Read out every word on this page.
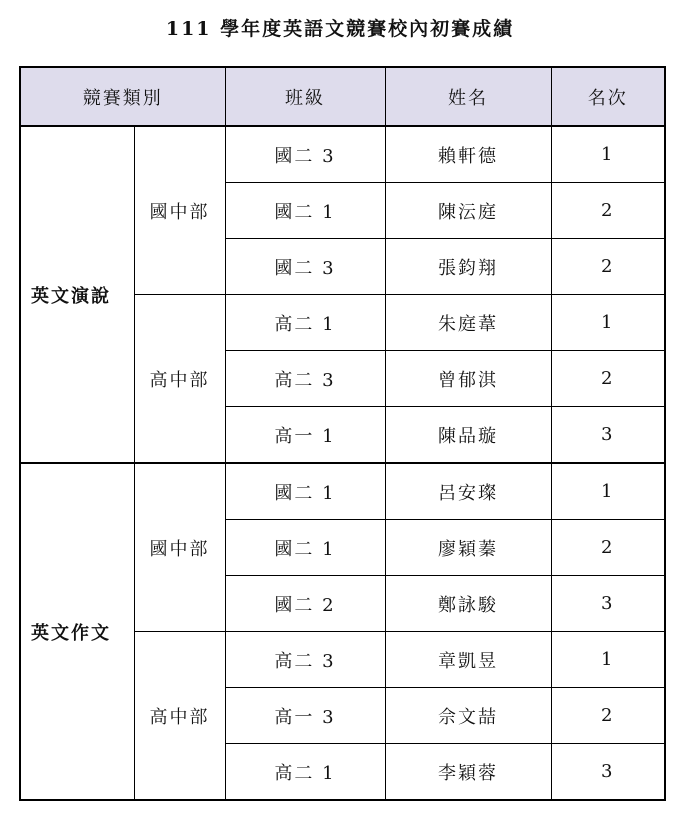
111 學年度英語文競賽校內初賽成績
競賽類別		班級	姓名	名次
英文演說	國中部	國二 3	賴軒德	1
		國二 1	陳沄庭	2
		國二 3	張鈞翔	2
	高中部	高二 1	朱庭葦	1
		高二 3	曾郁淇	2
		高一 1	陳品璇	3
英文作文	國中部	國二 1	呂安璨	1
		國二 1	廖穎蓁	2
		國二 2	鄭詠駿	3
	高中部	高二 3	章凱昱	1
		高一 3	佘文喆	2
		高二 1	李穎蓉	3
